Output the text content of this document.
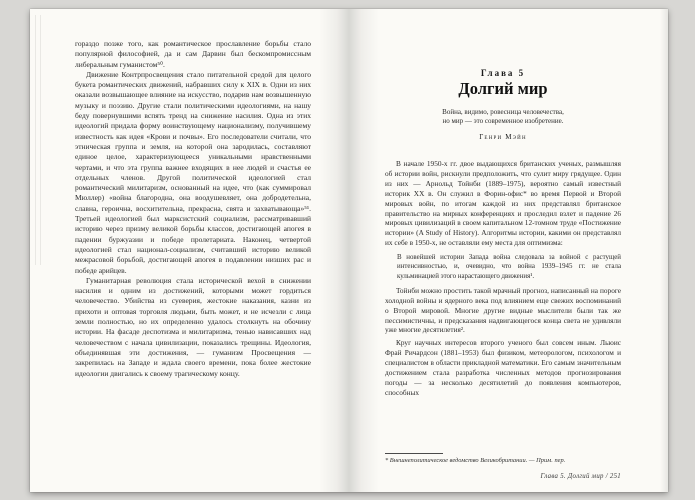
гораздо позже того, как романтическое прославление борьбы стало популярной философией, да и сам Дарвин был бескомпромиссным либеральным гуманистом⁵⁰.

Движение Контрпросвещения стало питательной средой для целого букета романтических движений, набравших силу к XIX в. Одни из них оказали возвышающее влияние на искусство, подарив нам возвышенную музыку и поэзию. Другие стали политическими идеологиями, на нашу беду повернувшими вспять тренд на снижение насилия. Одна из этих идеологий придала форму воинствующему национализму, получившему известность как идея «Крови и почвы». Его последователи считали, что этническая группа и земля, на которой она зародилась, составляют единое целое, характеризующееся уникальными нравственными чертами, и что эта группа важнее входящих в нее людей и счастья ее отдельных членов. Другой политической идеологией стал романтический милитаризм, основанный на идее, что (как суммировал Мюллер) «война благородна, она воодушевляет, она добродетельна, славна, героична, восхитительна, прекрасна, свята и захватывающа»⁵¹. Третьей идеологией был марксистский социализм, рассматривавший историю через призму великой борьбы классов, достигающей апогея в падении буржуазии и победе пролетариата. Наконец, четвертой идеологией стал национал-социализм, считавший историю великой межрасовой борьбой, достигающей апогея в подавлении низших рас и победе арийцев.

Гуманитарная революция стала исторической вехой в снижении насилия и одним из достижений, которыми может гордиться человечество. Убийства из суеверия, жестокие наказания, казни из прихоти и оптовая торговля людьми, быть может, и не исчезли с лица земли полностью, но их определенно удалось столкнуть на обочину истории. На фасаде деспотизма и милитаризма, тенью нависавших над человечеством с начала цивилизации, показались трещины. Идеология, объединявшая эти достижения, — гуманизм Просвещения — закрепилась на Западе и ждала своего времени, пока более жестокие идеологии двигались к своему трагическому концу.

Глава 5
Долгий мир
Война, видимо, ровесница человечества,
но мир — это современное изобретение.
Генри Мэйн

В начале 1950-х гг. двое выдающихся британских ученых, размышляя об истории войн, рискнули предположить, что сулит миру грядущее. Один из них — Арнольд Тойнби (1889–1975), вероятно самый известный историк XX в. Он служил в Форин-офис* во время Первой и Второй мировых войн, по итогам каждой из них представлял британское правительство на мирных конференциях и проследил взлет и падение 26 мировых цивилизаций в своем капитальном 12-томном труде «Постижение истории» (A Study of History). Алгоритмы истории, какими он представлял их себе в 1950-х, не оставляли ему места для оптимизма:

В новейшей истории Запада война следовала за войной с растущей интенсивностью, и, очевидно, что война 1939–1945 гг. не стала кульминацией этого нарастающего движения¹.

Тойнби можно простить такой мрачный прогноз, написанный на пороге холодной войны и ядерного века под влиянием еще свежих воспоминаний о Второй мировой. Многие другие видные мыслители были так же пессимистичны, и предсказания надвигающегося конца света не удивляли уже многие десятилетия².

Круг научных интересов второго ученого был совсем иным. Льюис Фрай Ричардсон (1881–1953) был физиком, метеорологом, психологом и специалистом в области прикладной математики. Его самым значительным достижением стала разработка численных методов прогнозирования погоды — за несколько десятилетий до появления компьютеров, способных

* Внешнеполитическое ведомство Великобритании. — Прим. пер.
Глава 5. Долгий мир / 251
